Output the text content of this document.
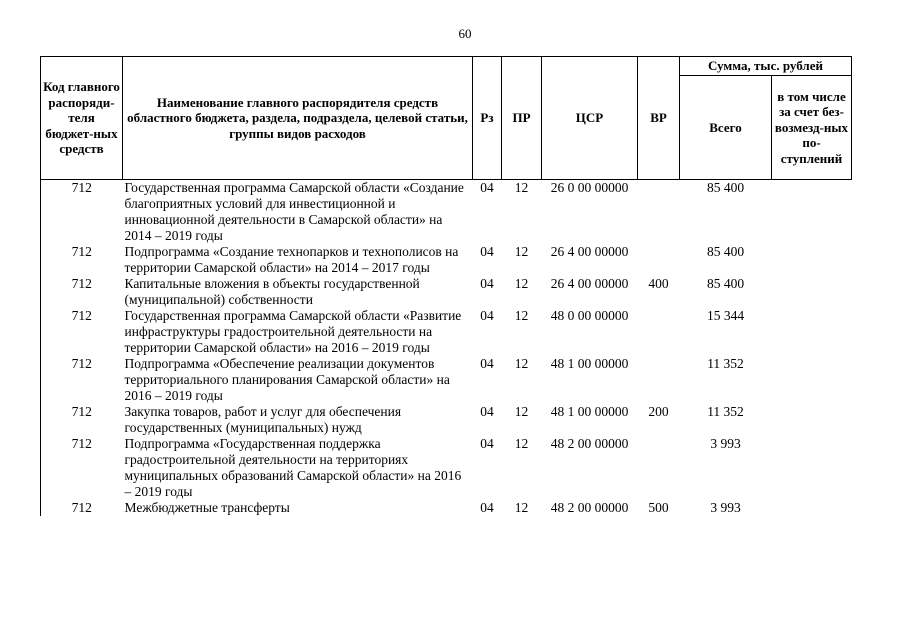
60
Код главного распоряди-теля бюджет-ных средств	Наименование главного распорядителя средств областного бюджета, раздела, подраздела, целевой статьи, группы видов расходов	Рз	ПР	ЦСР	ВР	Сумма, тыс. рублей	
						Всего	в том числе за счет без-возмезд-ных по-ступлений
712	Государственная программа Самарской области «Создание благоприятных условий для инвестиционной и инновационной деятельности в Самарской области» на 2014 – 2019 годы	04	12	26 0 00 00000		85 400	
712	Подпрограмма «Создание технопарков и технополисов на территории Самарской области» на 2014 – 2017 годы	04	12	26 4 00 00000		85 400	
712	Капитальные вложения в объекты государственной (муниципальной) собственности	04	12	26 4 00 00000	400	85 400	
712	Государственная программа Самарской области «Развитие инфраструктуры градостроительной деятельности на территории Самарской области» на 2016 – 2019 годы	04	12	48 0 00 00000		15 344	
712	Подпрограмма «Обеспечение реализации документов территориального планирования Самарской области» на 2016 – 2019 годы	04	12	48 1 00 00000		11 352	
712	Закупка товаров, работ и услуг для обеспечения государственных (муниципальных) нужд	04	12	48 1 00 00000	200	11 352	
712	Подпрограмма «Государственная поддержка градостроительной деятельности на территориях муниципальных образований Самарской области» на 2016 – 2019 годы	04	12	48 2 00 00000		3 993	
712	Межбюджетные трансферты	04	12	48 2 00 00000	500	3 993	
